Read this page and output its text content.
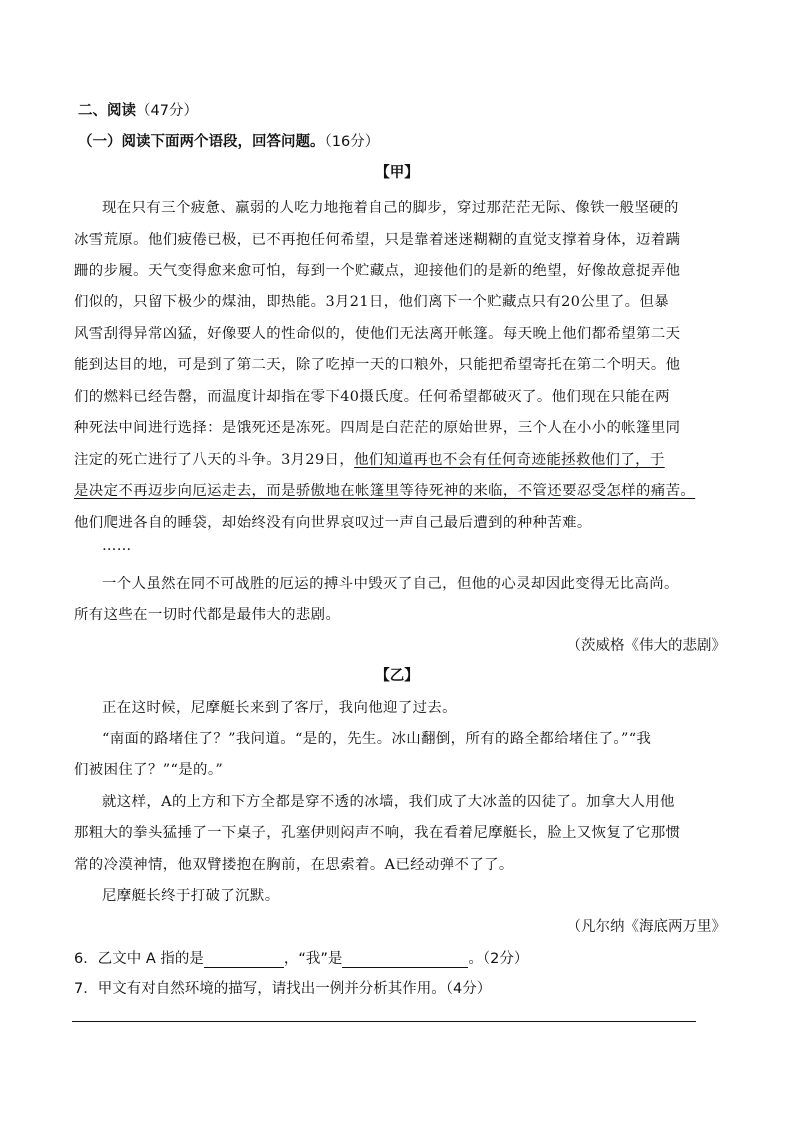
二、阅读（47分）
（一）阅读下面两个语段，回答问题。（16分）
【甲】
现在只有三个疲惫、羸弱的人吃力地拖着自己的脚步，穿过那茫茫无际、像铁一般坚硬的
冰雪荒原。他们疲倦已极，已不再抱任何希望，只是靠着迷迷糊糊的直觉支撑着身体，迈着蹒
跚的步履。天气变得愈来愈可怕，每到一个贮藏点，迎接他们的是新的绝望，好像故意捉弄他
们似的，只留下极少的煤油，即热能。3月21日，他们离下一个贮藏点只有20公里了。但暴
风雪刮得异常凶猛，好像要人的性命似的，使他们无法离开帐篷。每天晚上他们都希望第二天
能到达目的地，可是到了第二天，除了吃掉一天的口粮外，只能把希望寄托在第二个明天。他
们的燃料已经告罄，而温度计却指在零下40摄氏度。任何希望都破灭了。他们现在只能在两
种死法中间进行选择：是饿死还是冻死。四周是白茫茫的原始世界，三个人在小小的帐篷里同
注定的死亡进行了八天的斗争。3月29日，他们知道再也不会有任何奇迹能拯救他们了，于
是决定不再迈步向厄运走去，而是骄傲地在帐篷里等待死神的来临，不管还要忍受怎样的痛苦。
他们爬进各自的睡袋，却始终没有向世界哀叹过一声自己最后遭到的种种苦难。
……
一个人虽然在同不可战胜的厄运的搏斗中毁灭了自己，但他的心灵却因此变得无比高尚。
所有这些在一切时代都是最伟大的悲剧。
（茨威格《伟大的悲剧》
【乙】
正在这时候，尼摩艇长来到了客厅，我向他迎了过去。
“南面的路堵住了？”我问道。“是的，先生。冰山翻倒，所有的路全都给堵住了。”“我
们被困住了？”“是的。”
就这样，A的上方和下方全都是穿不透的冰墙，我们成了大冰盖的囚徒了。加拿大人用他
那粗大的拳头猛捶了一下桌子，孔塞伊则闷声不响，我在看着尼摩艇长，脸上又恢复了它那惯
常的冷漠神情，他双臂搂抱在胸前，在思索着。A已经动弹不了了。
尼摩艇长终于打破了沉默。
（凡尔纳《海底两万里》
6．乙文中 A 指的是	，“我”是	。（2分）
7．甲文有对自然环境的描写，请找出一例并分析其作用。（4分）
